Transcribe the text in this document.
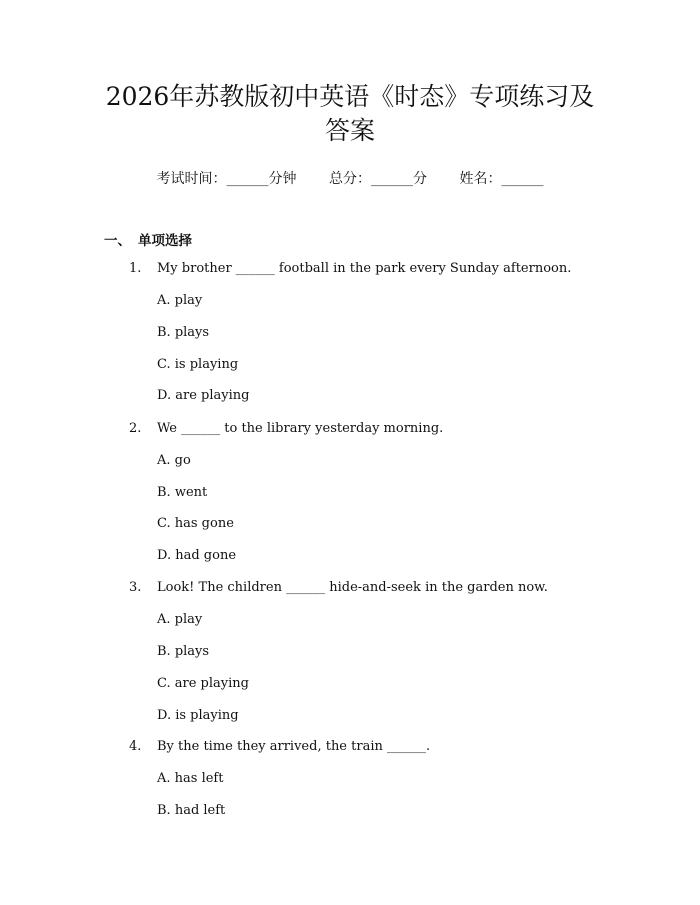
2026年苏教版初中英语《时态》专项练习及
答案
考试时间：______分钟 总分：______分 姓名：______
一、 单项选择
1. My brother ______ football in the park every Sunday afternoon.
A. play
B. plays
C. is playing
D. are playing
2. We ______ to the library yesterday morning.
A. go
B. went
C. has gone
D. had gone
3. Look! The children ______ hide-and-seek in the garden now.
A. play
B. plays
C. are playing
D. is playing
4. By the time they arrived, the train ______.
A. has left
B. had left
